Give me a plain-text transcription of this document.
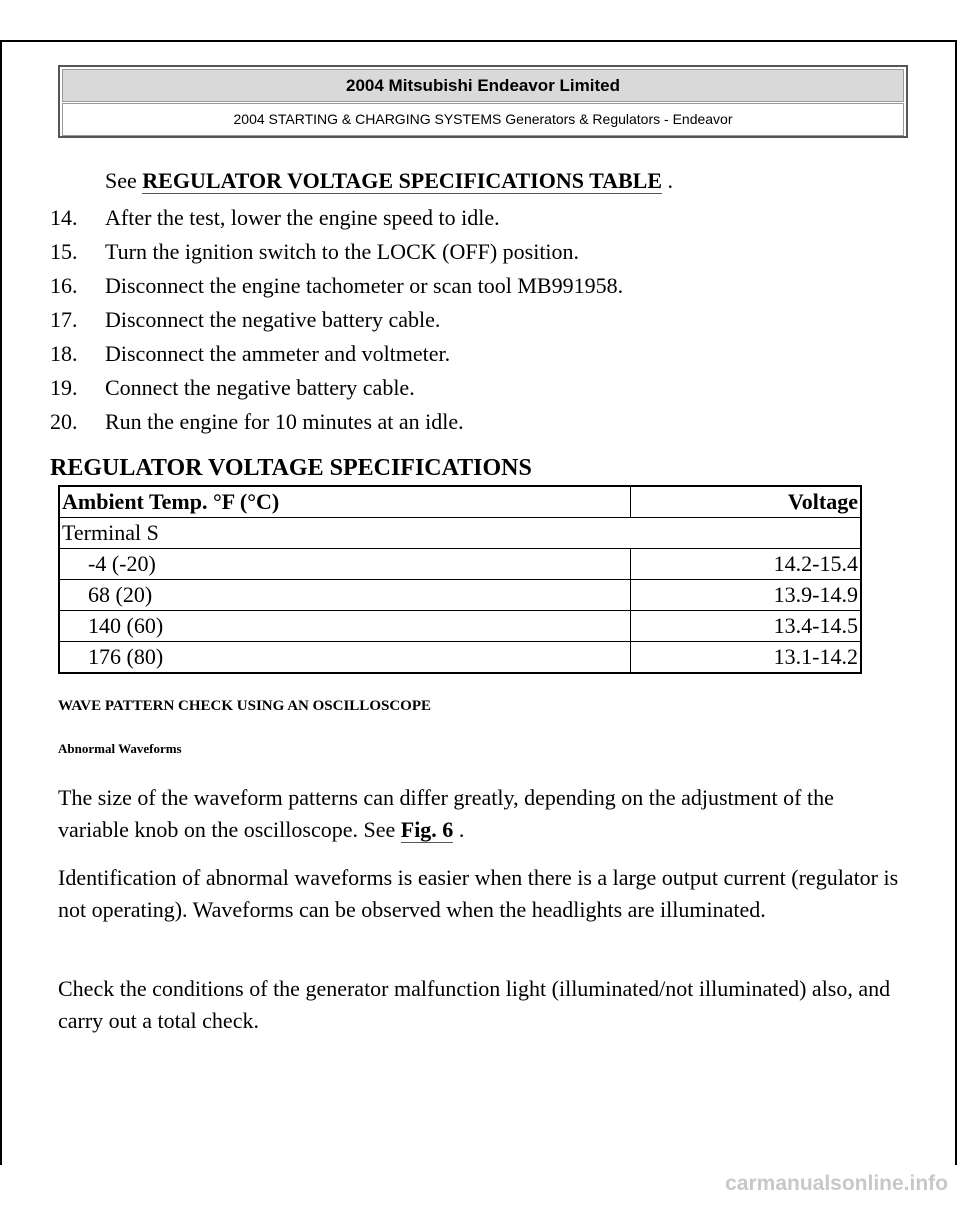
2004 Mitsubishi Endeavor Limited
2004 STARTING & CHARGING SYSTEMS Generators & Regulators - Endeavor
See REGULATOR VOLTAGE SPECIFICATIONS TABLE .
14. After the test, lower the engine speed to idle.
15. Turn the ignition switch to the LOCK (OFF) position.
16. Disconnect the engine tachometer or scan tool MB991958.
17. Disconnect the negative battery cable.
18. Disconnect the ammeter and voltmeter.
19. Connect the negative battery cable.
20. Run the engine for 10 minutes at an idle.
REGULATOR VOLTAGE SPECIFICATIONS
Ambient Temp. °F (°C)	Voltage
Terminal S	
-4 (-20)	14.2-15.4
68 (20)	13.9-14.9
140 (60)	13.4-14.5
176 (80)	13.1-14.2
WAVE PATTERN CHECK USING AN OSCILLOSCOPE
Abnormal Waveforms

The size of the waveform patterns can differ greatly, depending on the adjustment of the variable knob on the oscilloscope. See Fig. 6 .

Identification of abnormal waveforms is easier when there is a large output current (regulator is not operating). Waveforms can be observed when the headlights are illuminated.

Check the conditions of the generator malfunction light (illuminated/not illuminated) also, and carry out a total check.

carmanualsonline.info
